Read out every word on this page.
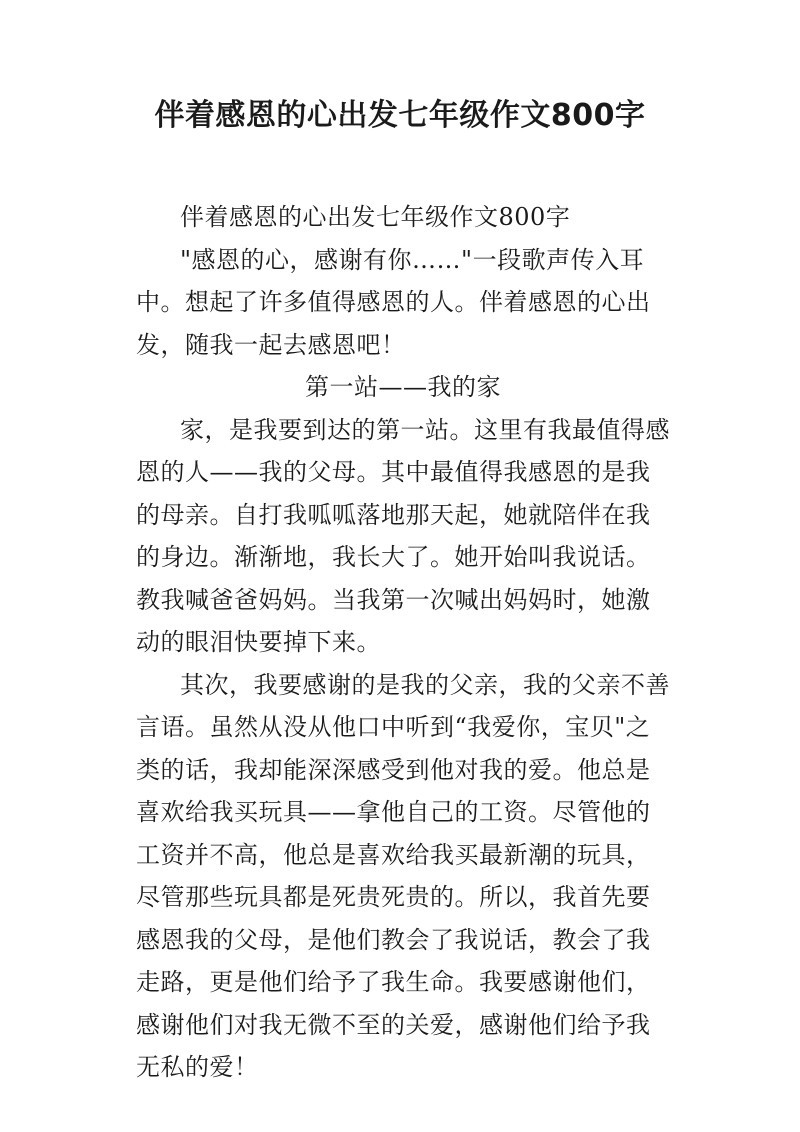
伴着感恩的心出发七年级作文800字

伴着感恩的心出发七年级作文800字

"感恩的心，感谢有你……"一段歌声传入耳中。想起了许多值得感恩的人。伴着感恩的心出发，随我一起去感恩吧！

第一站——我的家

家，是我要到达的第一站。这里有我最值得感恩的人——我的父母。其中最值得我感恩的是我的母亲。自打我呱呱落地那天起，她就陪伴在我的身边。渐渐地，我长大了。她开始叫我说话。教我喊爸爸妈妈。当我第一次喊出妈妈时，她激动的眼泪快要掉下来。

其次，我要感谢的是我的父亲，我的父亲不善言语。虽然从没从他口中听到“我爱你，宝贝"之类的话，我却能深深感受到他对我的爱。他总是喜欢给我买玩具——拿他自己的工资。尽管他的工资并不高，他总是喜欢给我买最新潮的玩具，尽管那些玩具都是死贵死贵的。所以，我首先要感恩我的父母，是他们教会了我说话，教会了我走路，更是他们给予了我生命。我要感谢他们，感谢他们对我无微不至的关爱，感谢他们给予我无私的爱！
